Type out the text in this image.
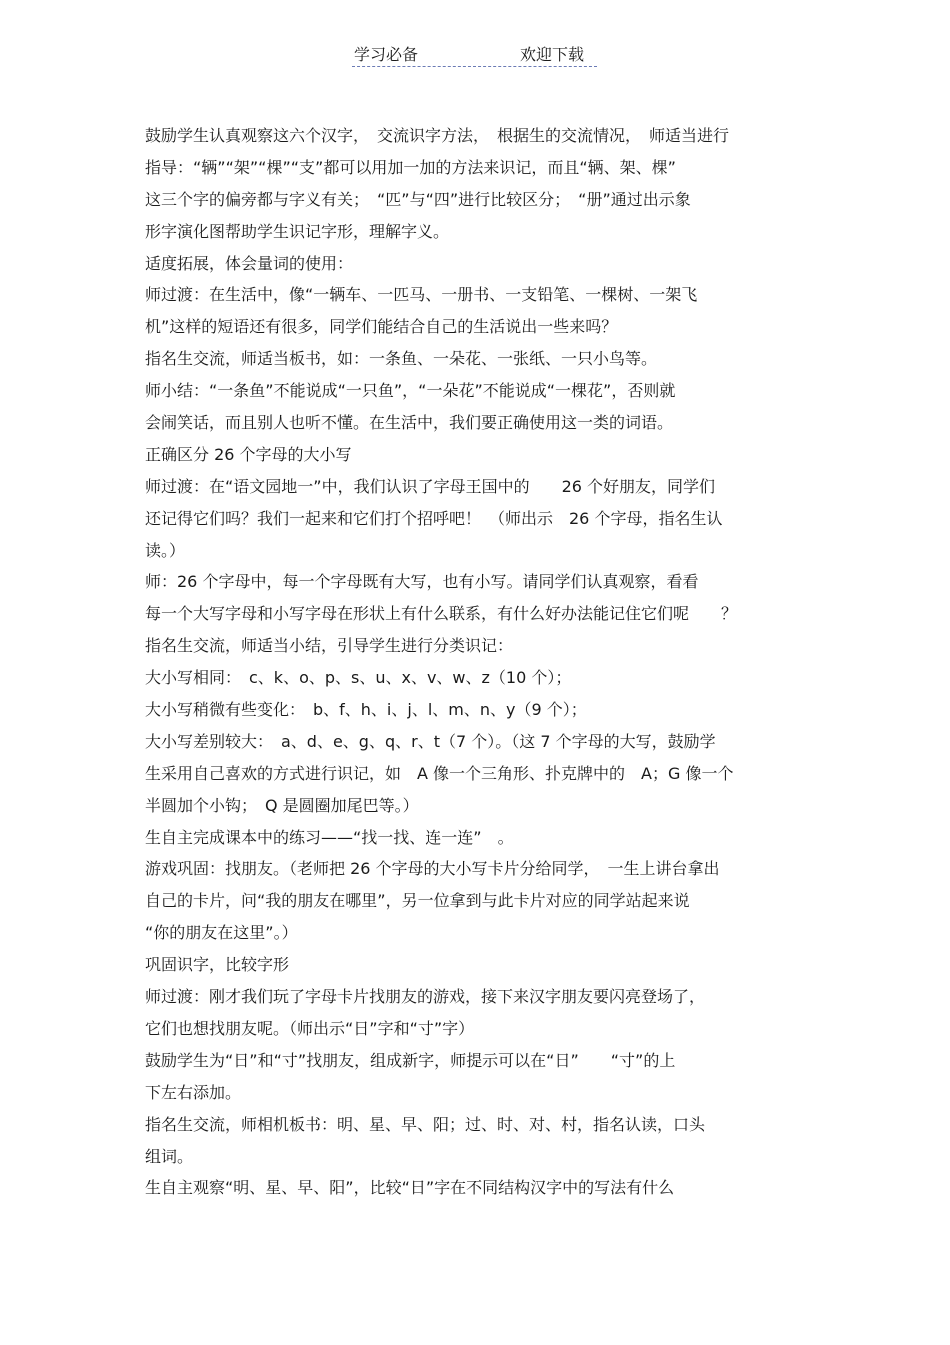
学习必备	欢迎下载
鼓励学生认真观察这六个汉字，　交流识字方法，　根据生的交流情况，　师适当进行
指导：“辆”“架”“棵”“支”都可以用加一加的方法来识记，而且“辆、架、棵”
这三个字的偏旁都与字义有关；　“匹”与“四”进行比较区分；　“册”通过出示象
形字演化图帮助学生识记字形，理解字义。
适度拓展，体会量词的使用：
师过渡：在生活中，像“一辆车、一匹马、一册书、一支铅笔、一棵树、一架飞
机”这样的短语还有很多，同学们能结合自己的生活说出一些来吗？
指名生交流，师适当板书，如：一条鱼、一朵花、一张纸、一只小鸟等。
师小结：“一条鱼”不能说成“一只鱼”，“一朵花”不能说成“一棵花”，否则就
会闹笑话，而且别人也听不懂。在生活中，我们要正确使用这一类的词语。
正确区分 26 个字母的大小写
师过渡：在“语文园地一”中，我们认识了字母王国中的　　26 个好朋友，同学们
还记得它们吗？我们一起来和它们打个招呼吧！　（师出示　26 个字母，指名生认
读。）
师：26 个字母中，每一个字母既有大写，也有小写。请同学们认真观察，看看
每一个大写字母和小写字母在形状上有什么联系，有什么好办法能记住它们呢　　？
指名生交流，师适当小结，引导学生进行分类识记：
大小写相同：　c、k、o、p、s、u、x、v、w、z（10 个）；
大小写稍微有些变化：　b、f、h、i、j、l、m、n、y（9 个）；
大小写差别较大：　a、d、e、g、q、r、t（7 个）。（这 7 个字母的大写，鼓励学
生采用自己喜欢的方式进行识记，如　A 像一个三角形、扑克牌中的　A；G 像一个
半圆加个小钩；　Q 是圆圈加尾巴等。）
生自主完成课本中的练习——“找一找、连一连”　。
游戏巩固：找朋友。（老师把 26 个字母的大小写卡片分给同学，　一生上讲台拿出
自己的卡片，问“我的朋友在哪里”，另一位拿到与此卡片对应的同学站起来说
“你的朋友在这里”。）
巩固识字，比较字形
师过渡：刚才我们玩了字母卡片找朋友的游戏，接下来汉字朋友要闪亮登场了，
它们也想找朋友呢。（师出示“日”字和“寸”字）
鼓励学生为“日”和“寸”找朋友，组成新字，师提示可以在“日”　　“寸”的上
下左右添加。
指名生交流，师相机板书：明、星、早、阳；过、时、对、村，指名认读，口头
组词。
生自主观察“明、星、早、阳”，比较“日”字在不同结构汉字中的写法有什么
